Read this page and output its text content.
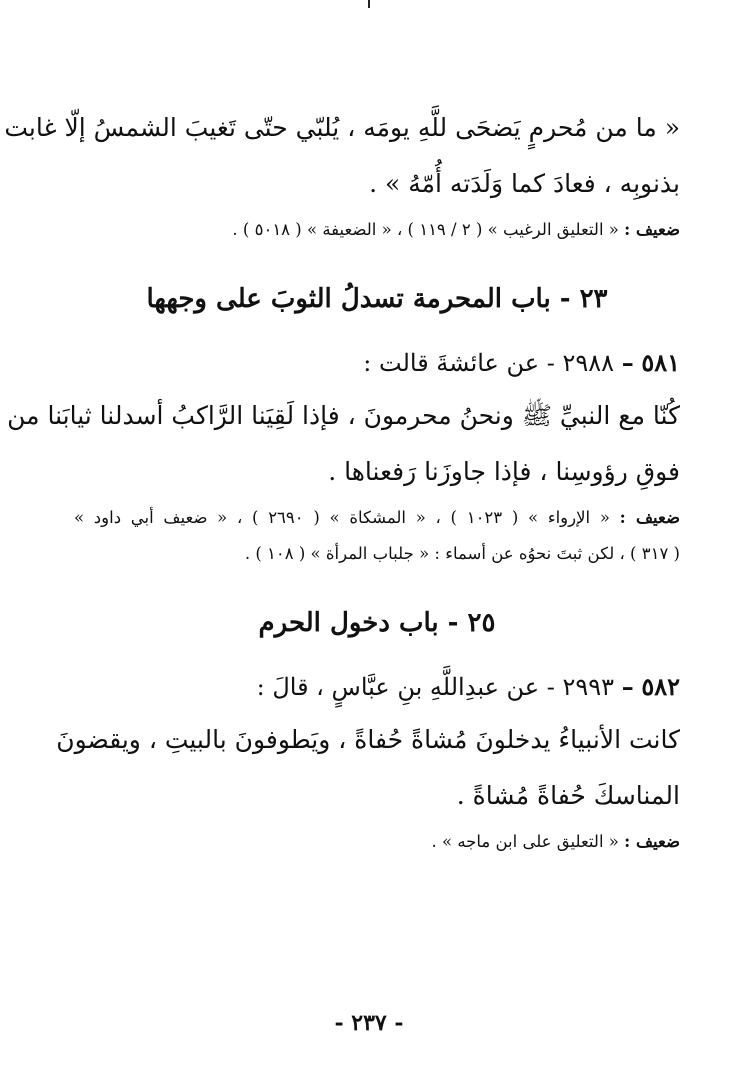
« ما من مُحرمٍ يَضحَى للَّهِ يومَه ، يُلبّي حتّى تَغيبَ الشمسُ إلّا غابت
بذنوبِه ، فعادَ كما وَلَدَته أُمّهُ » .
ضعيف : « التعليق الرغيب » ( ٢ / ١١٩ ) ، « الضعيفة » ( ٥٠١٨ ) .
٢٣ - باب المحرمة تسدلُ الثوبَ على وجهها
٥٨١ – ٢٩٨٨ - عن عائشةَ قالت :
كُنّا مع النبيِّ ﷺ ونحنُ محرمونَ ، فإذا لَقِيَنا الرَّاكبُ أسدلنا ثيابَنا من
فوقِ رؤوسِنا ، فإذا جاوزَنا رَفعناها .
ضعيف : « الإرواء » ( ١٠٢٣ ) ، « المشكاة » ( ٢٦٩٠ ) ، « ضعيف أبي داود »
( ٣١٧ ) ، لكن ثبتَ نحوُه عن أسماء : « جلباب المرأة » ( ١٠٨ ) .
٢٥ - باب دخول الحرم
٥٨٢ – ٢٩٩٣ - عن عبدِاللَّهِ بنِ عبَّاسٍ ، قالَ :
كانت الأنبياءُ يدخلونَ مُشاةً حُفاةً ، ويَطوفونَ بالبيتِ ، ويقضونَ
المناسكَ حُفاةً مُشاةً .
ضعيف : « التعليق على ابن ماجه » .
- ٢٣٧ -
